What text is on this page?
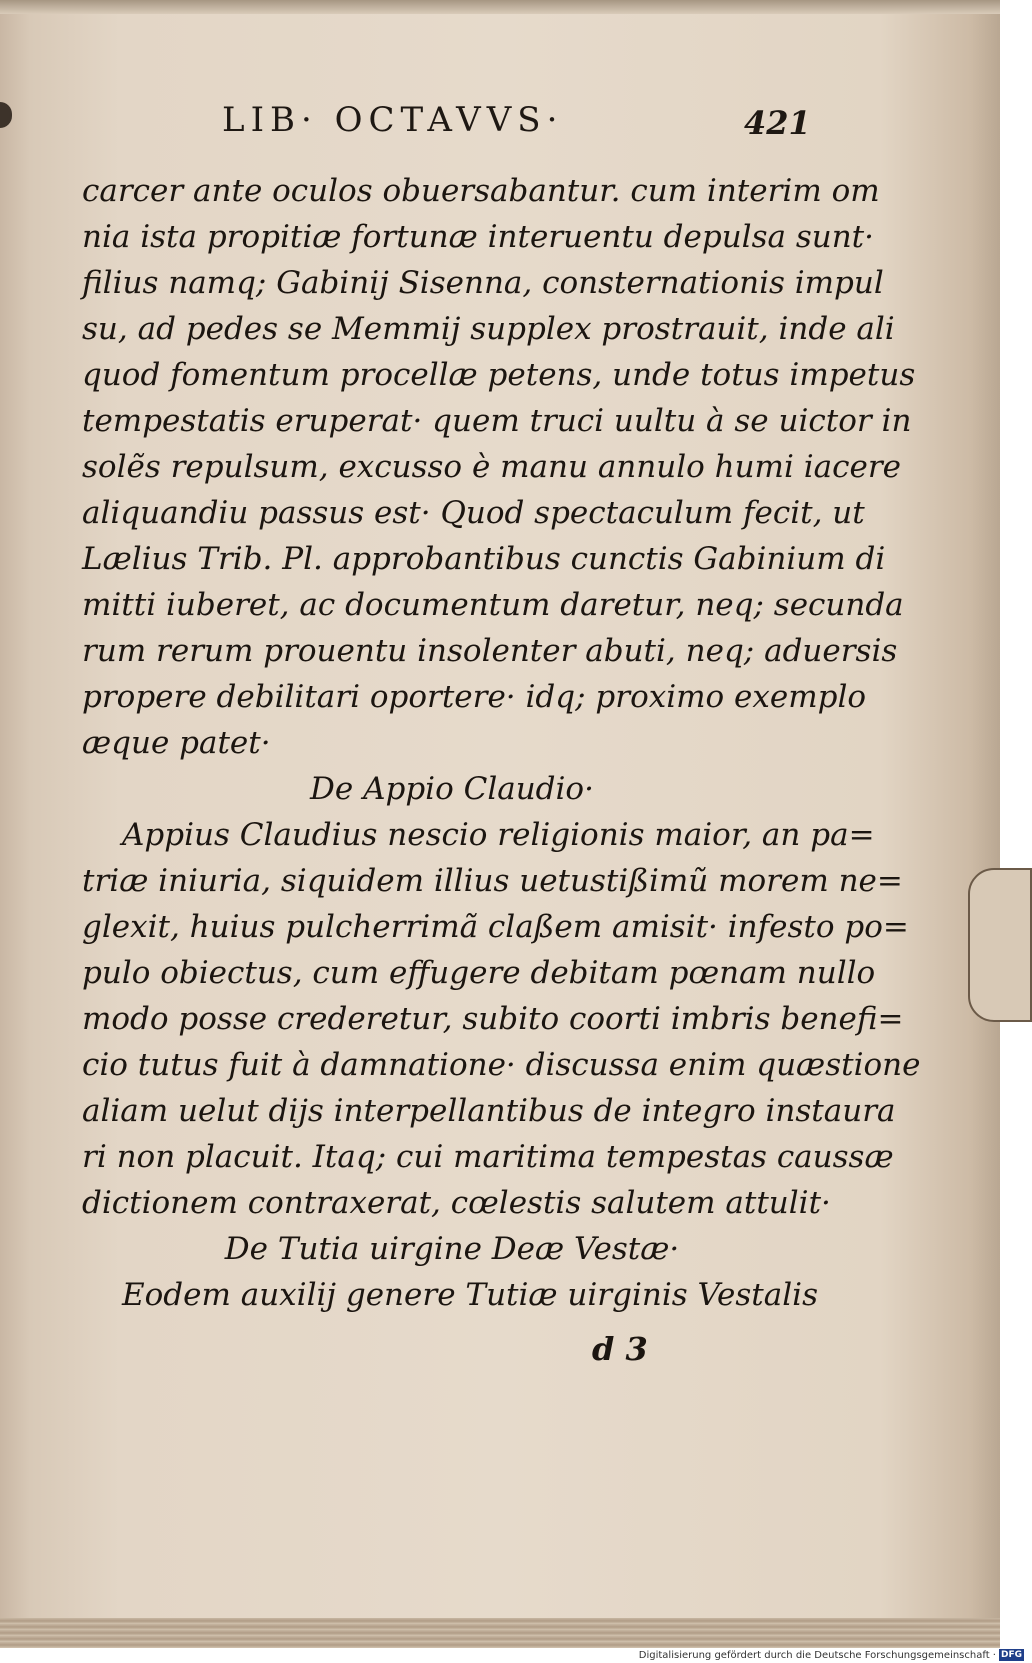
LIB· OCTAVVS·	421
carcer ante oculos obuersabantur. cum interim om
nia ista propitiæ fortunæ interuentu depulsa sunt·
filius namq; Gabinij Sisenna, consternationis impul
su, ad pedes se Memmij supplex prostrauit, inde ali
quod fomentum procellæ petens, unde totus impetus
tempestatis eruperat· quem truci uultu à se uictor in
solẽs repulsum, excusso è manu annulo humi iacere
aliquandiu passus est· Quod spectaculum fecit, ut
Lælius Trib. Pl. approbantibus cunctis Gabinium di
mitti iuberet, ac documentum daretur, neq; secunda
rum rerum prouentu insolenter abuti, neq; aduersis
propere debilitari oportere· idq; proximo exemplo
æque patet·
De Appio Claudio·
Appius Claudius nescio religionis maior, an pa=
triæ iniuria, siquidem illius uetustißimũ morem ne=
glexit, huius pulcherrimã claßem amisit· infesto po=
pulo obiectus, cum effugere debitam pœnam nullo
modo posse crederetur, subito coorti imbris benefi=
cio tutus fuit à damnatione· discussa enim quæstione
aliam uelut dijs interpellantibus de integro instaura
ri non placuit. Itaq; cui maritima tempestas caussæ
dictionem contraxerat, cœlestis salutem attulit·
De Tutia uirgine Deæ Vestæ·
Eodem auxilij genere Tutiæ uirginis Vestalis
d 3
Digitalisierung gefördert durch die Deutsche Forschungsgemeinschaft · DFG
